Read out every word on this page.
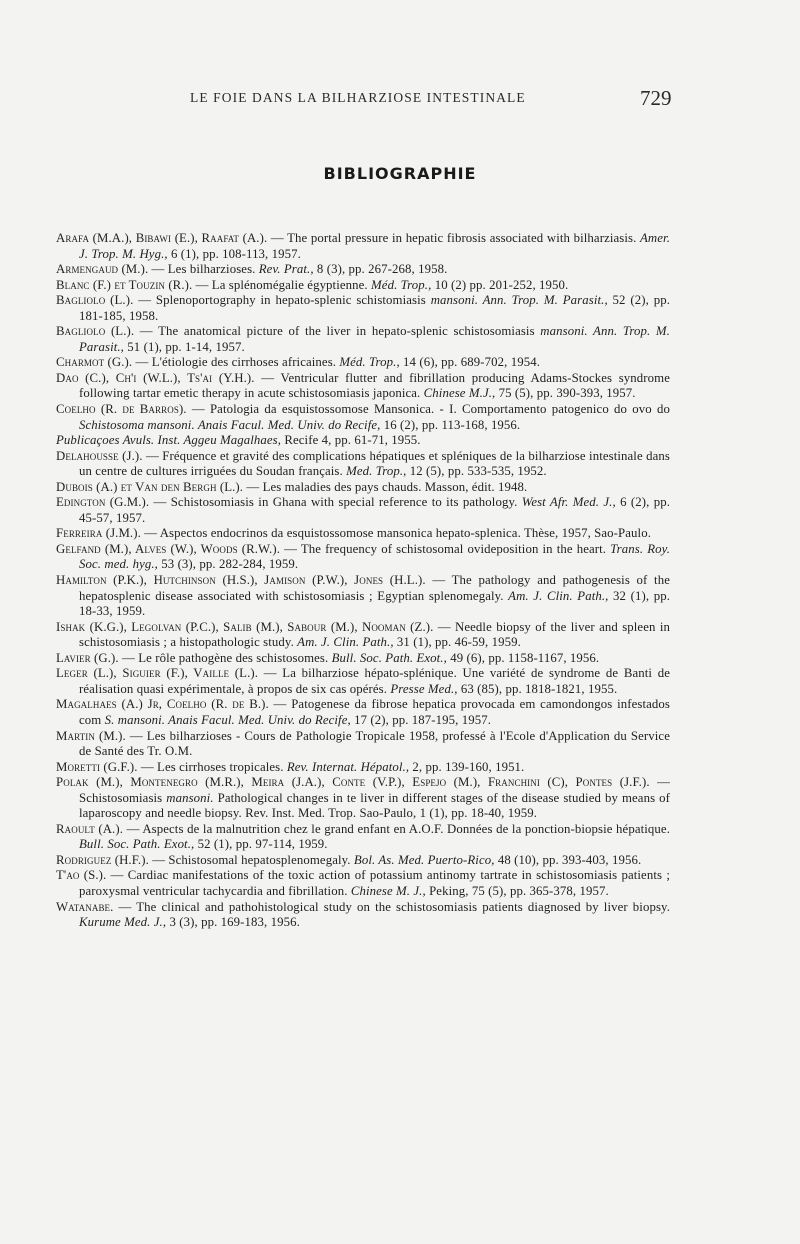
LE FOIE DANS LA BILHARZIOSE INTESTINALE	729
BIBLIOGRAPHIE

Arafa (M.A.), Bibawi (E.), Raafat (A.). — The portal pressure in hepatic fibrosis associated with bilharziasis. Amer. J. Trop. M. Hyg., 6 (1), pp. 108-113, 1957.

Armengaud (M.). — Les bilharzioses. Rev. Prat., 8 (3), pp. 267-268, 1958.

Blanc (F.) et Touzin (R.). — La splénomégalie égyptienne. Méd. Trop., 10 (2) pp. 201-252, 1950.

Bagliolo (L.). — Splenoportography in hepato-splenic schistomiasis mansoni. Ann. Trop. M. Parasit., 52 (2), pp. 181-185, 1958.

Bagliolo (L.). — The anatomical picture of the liver in hepato-splenic schistosomiasis mansoni. Ann. Trop. M. Parasit., 51 (1), pp. 1-14, 1957.

Charmot (G.). — L'étiologie des cirrhoses africaines. Méd. Trop., 14 (6), pp. 689-702, 1954.

Dao (C.), Ch'i (W.L.), Ts'ai (Y.H.). — Ventricular flutter and fibrillation producing Adams-Stockes syndrome following tartar emetic therapy in acute schistosomiasis japonica. Chinese M.J., 75 (5), pp. 390-393, 1957.

Coelho (R. de Barros). — Patologia da esquistossomose Mansonica. - I. Comportamento patogenico do ovo do Schistosoma mansoni. Anais Facul. Med. Univ. do Recife, 16 (2), pp. 113-168, 1956.

Publicaçoes Avuls. Inst. Aggeu Magalhaes, Recife 4, pp. 61-71, 1955.

Delahousse (J.). — Fréquence et gravité des complications hépatiques et spléniques de la bilharziose intestinale dans un centre de cultures irriguées du Soudan français. Med. Trop., 12 (5), pp. 533-535, 1952.

Dubois (A.) et Van den Bergh (L.). — Les maladies des pays chauds. Masson, édit. 1948.

Edington (G.M.). — Schistosomiasis in Ghana with special reference to its pathology. West Afr. Med. J., 6 (2), pp. 45-57, 1957.

Ferreira (J.M.). — Aspectos endocrinos da esquistossomose mansonica hepato-splenica. Thèse, 1957, Sao-Paulo.

Gelfand (M.), Alves (W.), Woods (R.W.). — The frequency of schistosomal ovideposition in the heart. Trans. Roy. Soc. med. hyg., 53 (3), pp. 282-284, 1959.

Hamilton (P.K.), Hutchinson (H.S.), Jamison (P.W.), Jones (H.L.). — The pathology and pathogenesis of the hepatosplenic disease associated with schistosomiasis ; Egyptian splenomegaly. Am. J. Clin. Path., 32 (1), pp. 18-33, 1959.

Ishak (K.G.), Legolvan (P.C.), Salib (M.), Sabour (M.), Nooman (Z.). — Needle biopsy of the liver and spleen in schistosomiasis ; a histopathologic study. Am. J. Clin. Path., 31 (1), pp. 46-59, 1959.

Lavier (G.). — Le rôle pathogène des schistosomes. Bull. Soc. Path. Exot., 49 (6), pp. 1158-1167, 1956.

Leger (L.), Siguier (F.), Vaille (L.). — La bilharziose hépato-splénique. Une variété de syndrome de Banti de réalisation quasi expérimentale, à propos de six cas opérés. Presse Med., 63 (85), pp. 1818-1821, 1955.

Magalhaes (A.) Jr, Coelho (R. de B.). — Patogenese da fibrose hepatica provocada em camondongos infestados com S. mansoni. Anais Facul. Med. Univ. do Recife, 17 (2), pp. 187-195, 1957.

Martin (M.). — Les bilharzioses - Cours de Pathologie Tropicale 1958, professé à l'Ecole d'Application du Service de Santé des Tr. O.M.

Moretti (G.F.). — Les cirrhoses tropicales. Rev. Internat. Hépatol., 2, pp. 139-160, 1951.

Polak (M.), Montenegro (M.R.), Meira (J.A.), Conte (V.P.), Espejo (M.), Franchini (C), Pontes (J.F.). — Schistosomiasis mansoni. Pathological changes in te liver in different stages of the disease studied by means of laparoscopy and needle biopsy. Rev. Inst. Med. Trop. Sao-Paulo, 1 (1), pp. 18-40, 1959.

Raoult (A.). — Aspects de la malnutrition chez le grand enfant en A.O.F. Données de la ponction-biopsie hépatique. Bull. Soc. Path. Exot., 52 (1), pp. 97-114, 1959.

Rodriguez (H.F.). — Schistosomal hepatosplenomegaly. Bol. As. Med. Puerto-Rico, 48 (10), pp. 393-403, 1956.

T'ao (S.). — Cardiac manifestations of the toxic action of potassium antinomy tartrate in schistosomiasis patients ; paroxysmal ventricular tachycardia and fibrillation. Chinese M. J., Peking, 75 (5), pp. 365-378, 1957.

Watanabe. — The clinical and pathohistological study on the schistosomiasis patients diagnosed by liver biopsy. Kurume Med. J., 3 (3), pp. 169-183, 1956.
